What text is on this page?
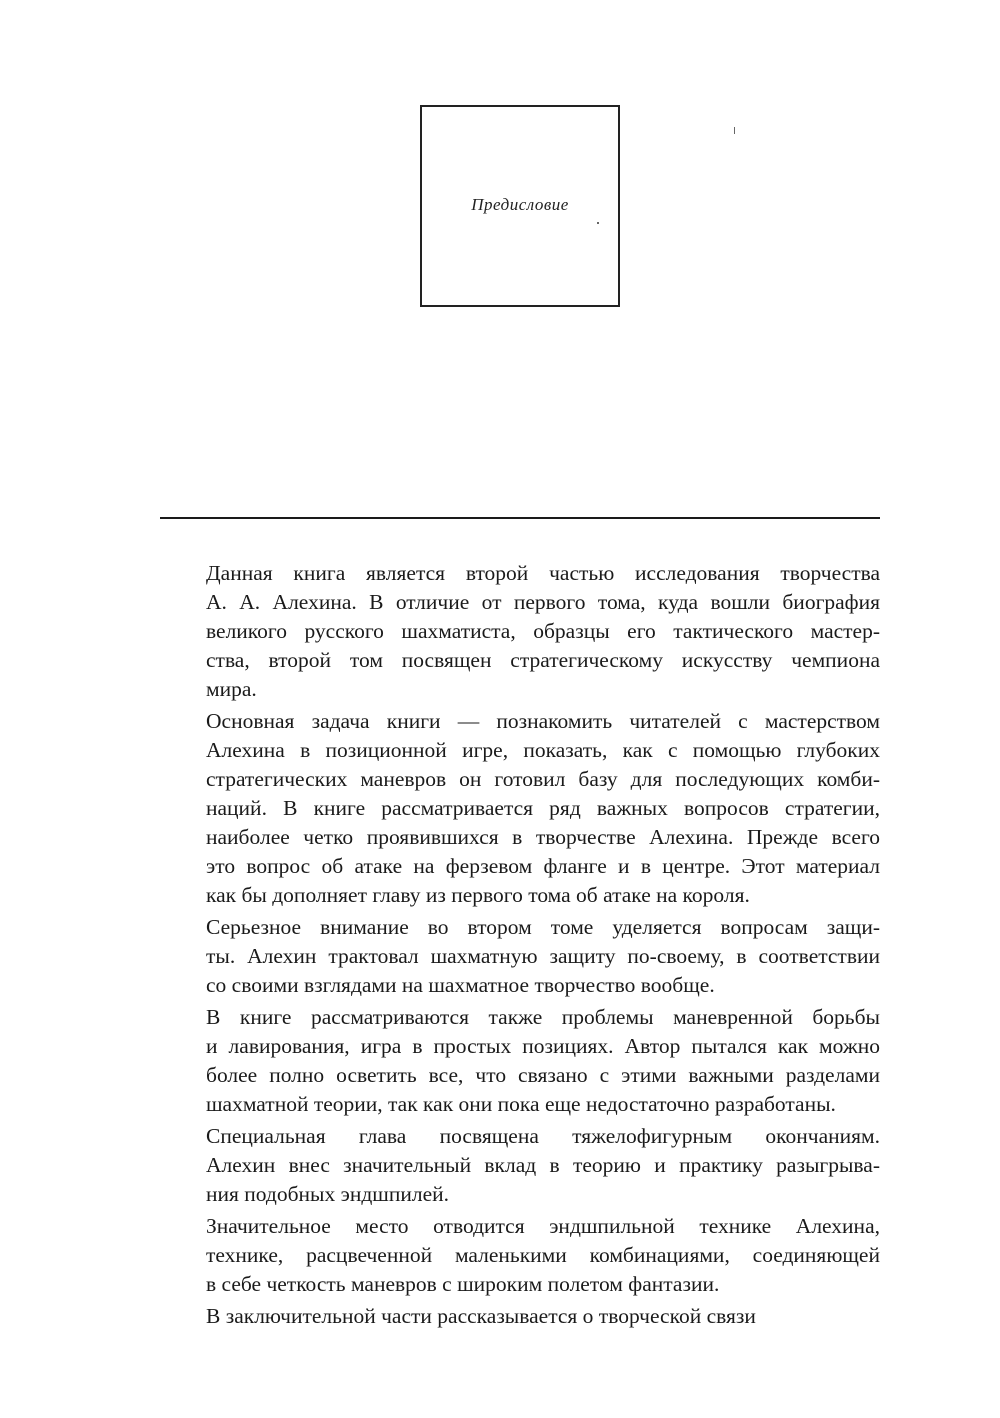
Предисловие
Данная книга является второй частью исследования творчества
А. А. Алехина. В отличие от первого тома, куда вошли биография
великого русского шахматиста, образцы его тактического мастер-
ства, второй том посвящен стратегическому искусству чемпиона
мира.
Основная задача книги — познакомить читателей с мастерством
Алехина в позиционной игре, показать, как с помощью глубоких
стратегических маневров он готовил базу для последующих комби-
наций. В книге рассматривается ряд важных вопросов стратегии,
наиболее четко проявившихся в творчестве Алехина. Прежде всего
это вопрос об атаке на ферзевом фланге и в центре. Этот материал
как бы дополняет главу из первого тома об атаке на короля.
Серьезное внимание во втором томе уделяется вопросам защи-
ты. Алехин трактовал шахматную защиту по-своему, в соответствии
со своими взглядами на шахматное творчество вообще.
В книге рассматриваются также проблемы маневренной борьбы
и лавирования, игра в простых позициях. Автор пытался как можно
более полно осветить все, что связано с этими важными разделами
шахматной теории, так как они пока еще недостаточно разработаны.
Специальная глава посвящена тяжелофигурным окончаниям.
Алехин внес значительный вклад в теорию и практику разыгрыва-
ния подобных эндшпилей.
Значительное место отводится эндшпильной технике Алехина,
технике, расцвеченной маленькими комбинациями, соединяющей
в себе четкость маневров с широким полетом фантазии.
В заключительной части рассказывается о творческой связи
